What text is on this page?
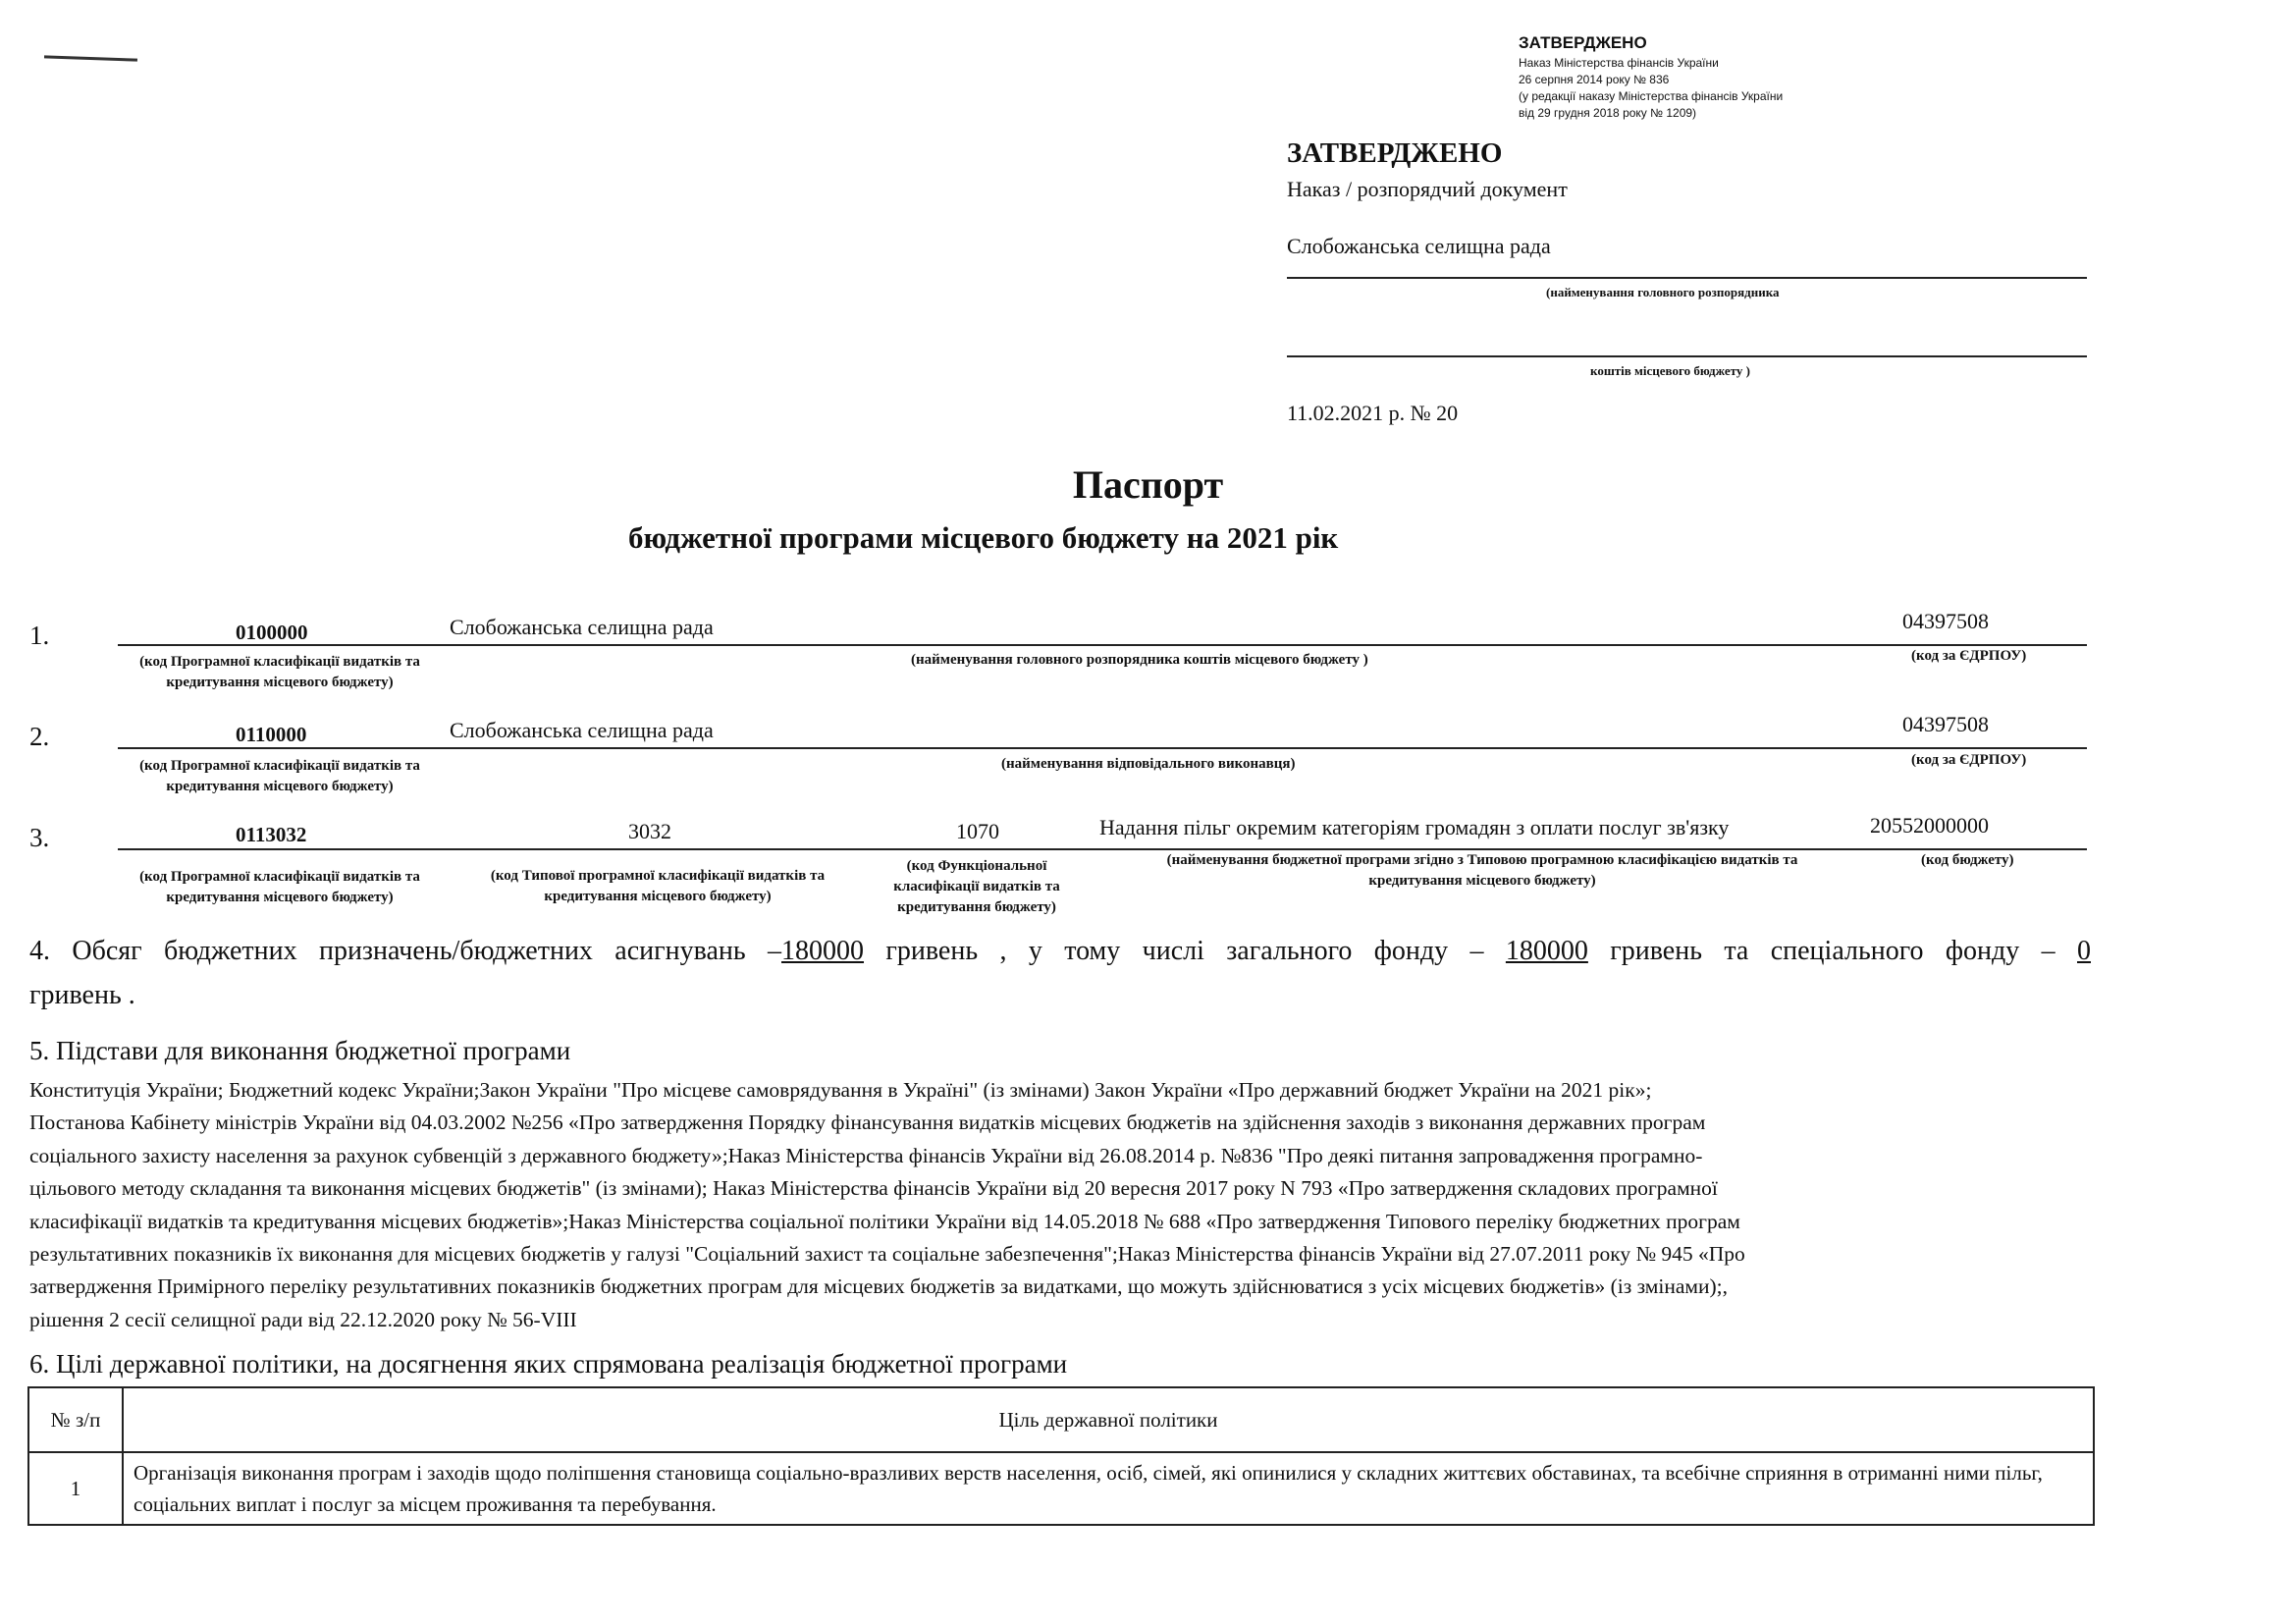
ЗАТВЕРДЖЕНО
Наказ Міністерства фінансів України
26 серпня 2014 року № 836
(у редакції наказу Міністерства фінансів України
від 29 грудня 2018 року № 1209)
ЗАТВЕРДЖЕНО
Наказ / розпорядчий документ
Слобожанська селищна рада
(найменування головного розпорядника
коштів місцевого бюджету )
11.02.2021 р. № 20
Паспорт
бюджетної програми місцевого бюджету на 2021 рік
1.	0100000	Слобожанська селищна рада	04397508
(код Програмної класифікації видатків та кредитування місцевого бюджету)
(найменування головного розпорядника коштів місцевого бюджету )	(код за ЄДРПОУ)
2.	0110000	Слобожанська селищна рада	04397508
(код Програмної класифікації видатків та кредитування місцевого бюджету)
(найменування відповідального виконавця)	(код за ЄДРПОУ)
3.	0113032	3032	1070	Надання пільг окремим категоріям громадян з оплати послуг зв'язку	20552000000
(код Програмної класифікації видатків та кредитування місцевого бюджету)
(код Типової програмної класифікації видатків та кредитування місцевого бюджету)
(код Функціональної класифікації видатків та кредитування бюджету)
(найменування бюджетної програми згідно з Типовою програмною класифікацією видатків та кредитування місцевого бюджету)
(код бюджету)
4. Обсяг бюджетних призначень/бюджетних асигнувань –180000 гривень , у тому числі загального фонду – 180000 гривень та спеціального фонду – 0
гривень .
5. Підстави для виконання бюджетної програми
Конституція України; Бюджетний кодекс України;Закон України "Про місцеве самоврядування в Україні" (із змінами) Закон України «Про державний бюджет України на 2021 рік»;
Постанова Кабінету міністрів України від 04.03.2002 №256 «Про затвердження Порядку фінансування видатків місцевих бюджетів на здійснення заходів з виконання державних програм
соціального захисту населення за рахунок субвенцій з державного бюджету»;Наказ Міністерства фінансів України від 26.08.2014 р. №836 "Про деякі питання запровадження програмно-
цільового методу складання та виконання місцевих бюджетів" (із змінами); Наказ Міністерства фінансів України від 20 вересня 2017 року N 793 «Про затвердження складових програмної
класифікації видатків та кредитування місцевих бюджетів»;Наказ Міністерства соціальної політики України від 14.05.2018 № 688 «Про затвердження Типового переліку бюджетних програм
результативних показників їх виконання для місцевих бюджетів у галузі "Соціальний захист та соціальне забезпечення";Наказ Міністерства фінансів України від 27.07.2011 року № 945 «Про
затвердження Примірного переліку результативних показників бюджетних програм для місцевих бюджетів за видатками, що можуть здійснюватися з усіх місцевих бюджетів» (із змінами);,
рішення 2 сесії селищної ради від 22.12.2020 року № 56-VIII
6. Цілі державної політики, на досягнення яких спрямована реалізація бюджетної програми
№ з/п	Ціль державної політики
1	Організація виконання програм і заходів щодо поліпшення становища соціально-вразливих верств населення, осіб, сімей, які опинилися у складних життєвих обставинах, та всебічне сприяння в отриманні ними пільг, соціальних виплат і послуг за місцем проживання та перебування.
